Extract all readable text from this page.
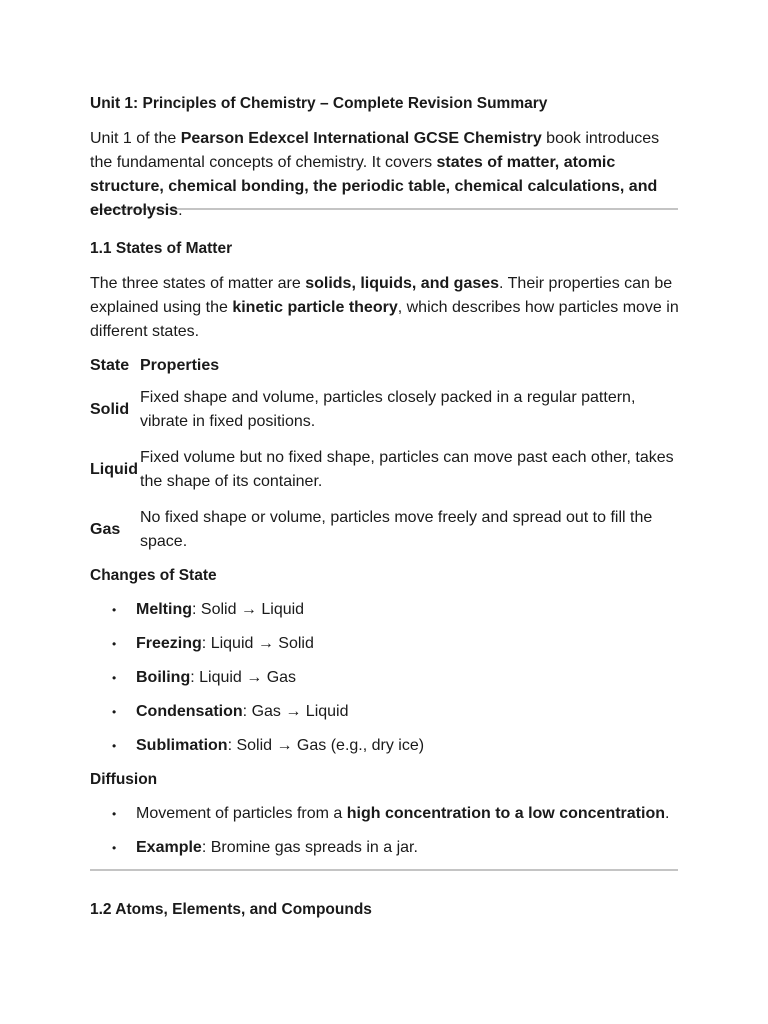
Unit 1: Principles of Chemistry – Complete Revision Summary
Unit 1 of the Pearson Edexcel International GCSE Chemistry book introduces the fundamental concepts of chemistry. It covers states of matter, atomic structure, chemical bonding, the periodic table, chemical calculations, and electrolysis.
1.1 States of Matter
The three states of matter are solids, liquids, and gases. Their properties can be explained using the kinetic particle theory, which describes how particles move in different states.
State	Properties
Solid	Fixed shape and volume, particles closely packed in a regular pattern, vibrate in fixed positions.
Liquid	Fixed volume but no fixed shape, particles can move past each other, takes the shape of its container.
Gas	No fixed shape or volume, particles move freely and spread out to fill the space.
Changes of State
• Melting: Solid → Liquid
• Freezing: Liquid → Solid
• Boiling: Liquid → Gas
• Condensation: Gas → Liquid
• Sublimation: Solid → Gas (e.g., dry ice)
Diffusion
• Movement of particles from a high concentration to a low concentration.
• Example: Bromine gas spreads in a jar.
1.2 Atoms, Elements, and Compounds
